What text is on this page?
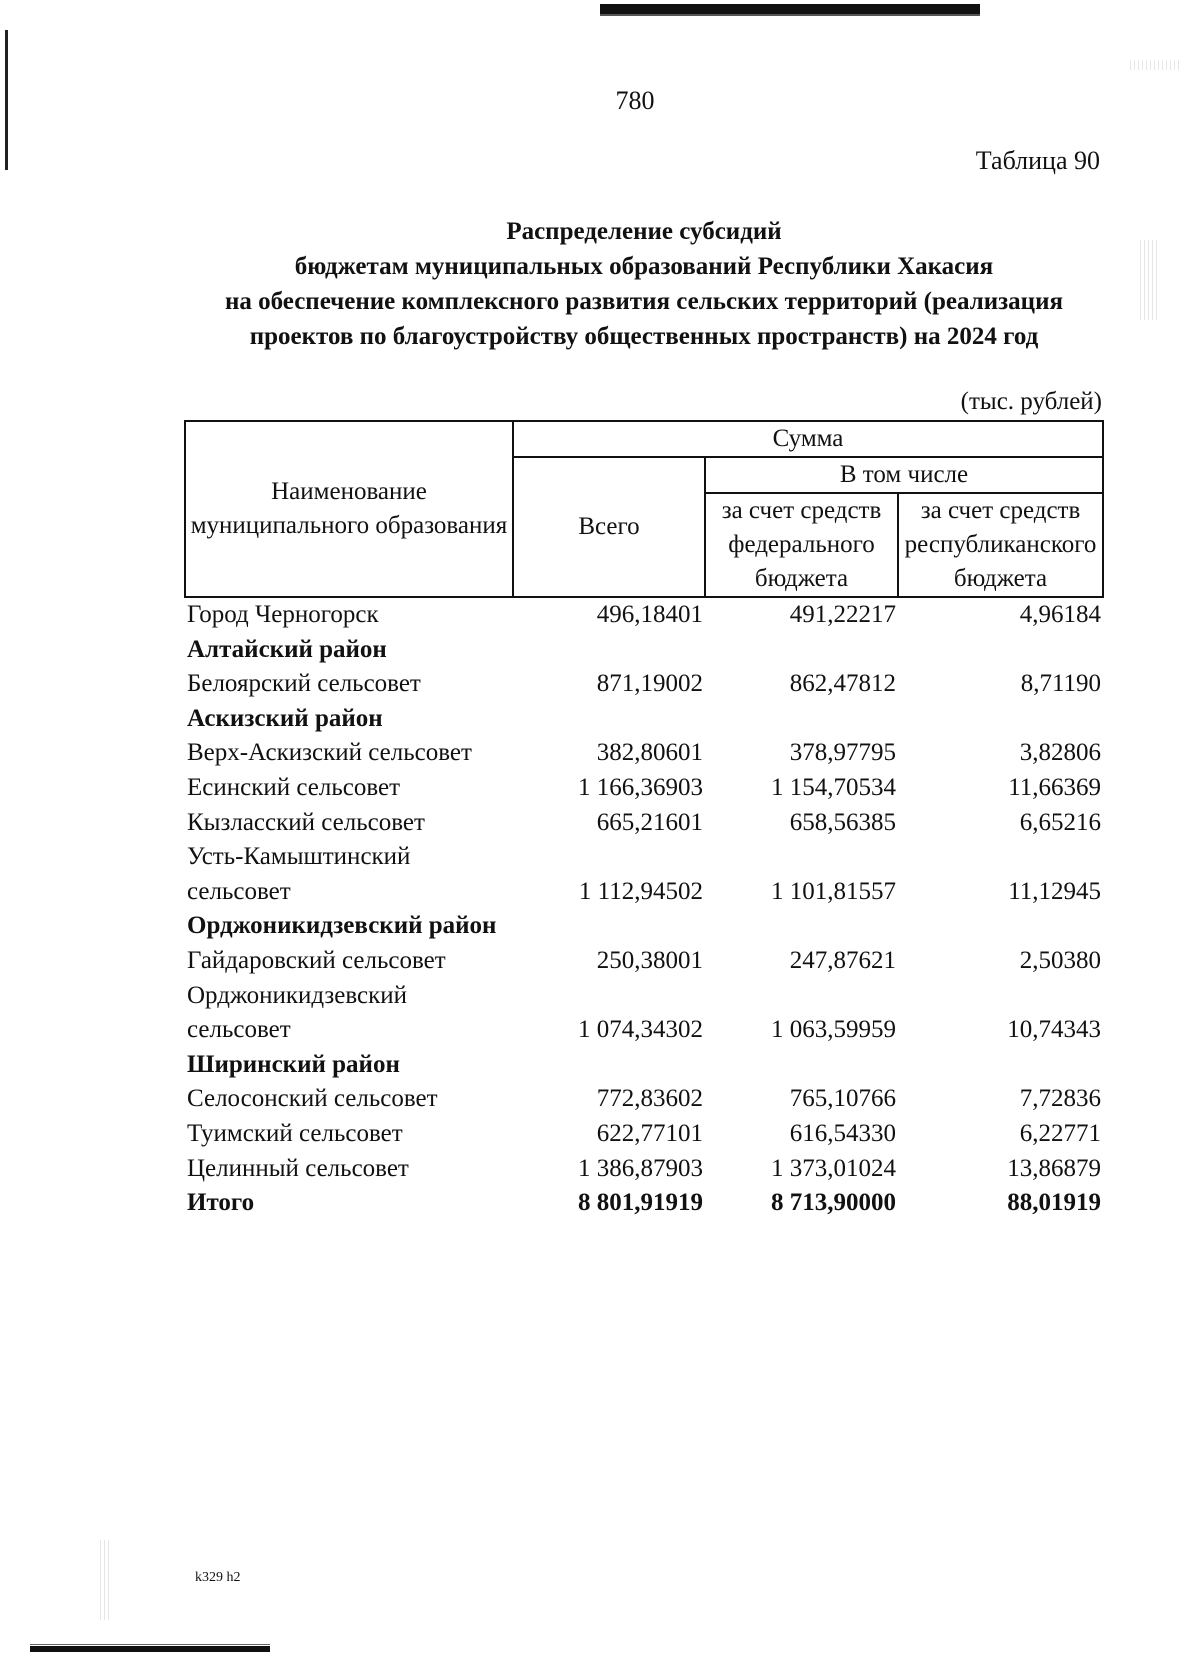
780
Таблица 90
Распределение субсидий
бюджетам муниципальных образований Республики Хакасия
на обеспечение комплексного развития сельских территорий (реализация
проектов по благоустройству общественных пространств) на 2024 год
(тыс. рублей)
Наименование муниципального образования	Сумма		
	Всего	В том числе	
		за счет средств федерального бюджета	за счет средств республиканского бюджета
Город Черногорск	496,18401	491,22217	4,96184
Алтайский район			
Белоярский сельсовет	871,19002	862,47812	8,71190
Аскизский район			
Верх-Аскизский сельсовет	382,80601	378,97795	3,82806
Есинский сельсовет	1 166,36903	1 154,70534	11,66369
Кызласский сельсовет	665,21601	658,56385	6,65216
Усть-Камыштинский сельсовет	1 112,94502	1 101,81557	11,12945
Орджоникидзевский район			
Гайдаровский сельсовет	250,38001	247,87621	2,50380
Орджоникидзевский сельсовет	1 074,34302	1 063,59959	10,74343
Ширинский район			
Селосонский сельсовет	772,83602	765,10766	7,72836
Туимский сельсовет	622,77101	616,54330	6,22771
Целинный сельсовет	1 386,87903	1 373,01024	13,86879
Итого	8 801,91919	8 713,90000	88,01919
k329 h2
